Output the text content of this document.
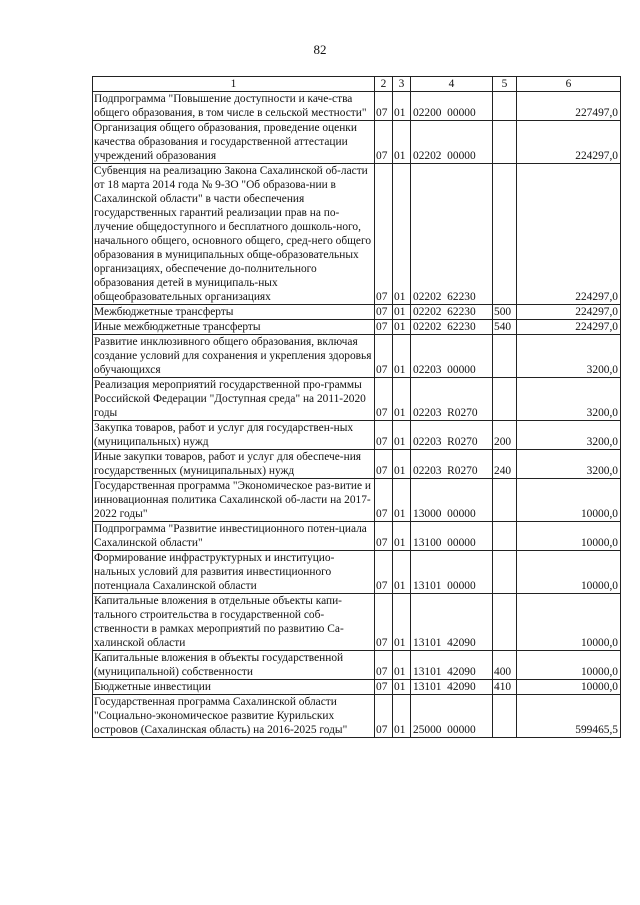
82
1	2	3	4	5	6
Подпрограмма "Повышение доступности и каче-ства общего образования, в том числе в сельской местности"	07	01	02200  00000		227497,0
Организация общего образования, проведение оценки качества образования и государственной аттестации учреждений образования	07	01	02202  00000		224297,0
Субвенция на реализацию Закона Сахалинской об-ласти от 18 марта 2014 года № 9-ЗО "Об образова-нии в Сахалинской области" в части обеспечения государственных гарантий реализации прав на по-лучение общедоступного и бесплатного дошколь-ного, начального общего, основного общего, сред-него общего образования в муниципальных обще-образовательных организациях, обеспечение до-полнительного образования детей в муниципаль-ных общеобразовательных организациях	07	01	02202  62230		224297,0
Межбюджетные трансферты	07	01	02202  62230	500	224297,0
Иные межбюджетные трансферты	07	01	02202  62230	540	224297,0
Развитие инклюзивного общего образования, включая создание условий для сохранения и укрепления здоровья обучающихся	07	01	02203  00000		3200,0
Реализация мероприятий государственной про-граммы Российской Федерации "Доступная среда" на 2011-2020 годы	07	01	02203  R0270		3200,0
Закупка товаров, работ и услуг для государствен-ных (муниципальных) нужд	07	01	02203  R0270	200	3200,0
Иные закупки товаров, работ и услуг для обеспече-ния государственных (муниципальных) нужд	07	01	02203  R0270	240	3200,0
Государственная программа "Экономическое раз-витие и инновационная политика Сахалинской об-ласти на 2017-2022 годы"	07	01	13000  00000		10000,0
Подпрограмма "Развитие инвестиционного потен-циала Сахалинской области"	07	01	13100  00000		10000,0
Формирование инфраструктурных и институцио-нальных условий для развития инвестиционного потенциала Сахалинской области	07	01	13101  00000		10000,0
Капитальные вложения в отдельные объекты капи-тального строительства в государственной соб-ственности в рамках мероприятий по развитию Са-халинской области	07	01	13101  42090		10000,0
Капитальные вложения в объекты государственной (муниципальной) собственности	07	01	13101  42090	400	10000,0
Бюджетные инвестиции	07	01	13101  42090	410	10000,0
Государственная программа Сахалинской области "Социально-экономическое развитие Курильских островов (Сахалинская область) на 2016-2025 годы"	07	01	25000  00000		599465,5
